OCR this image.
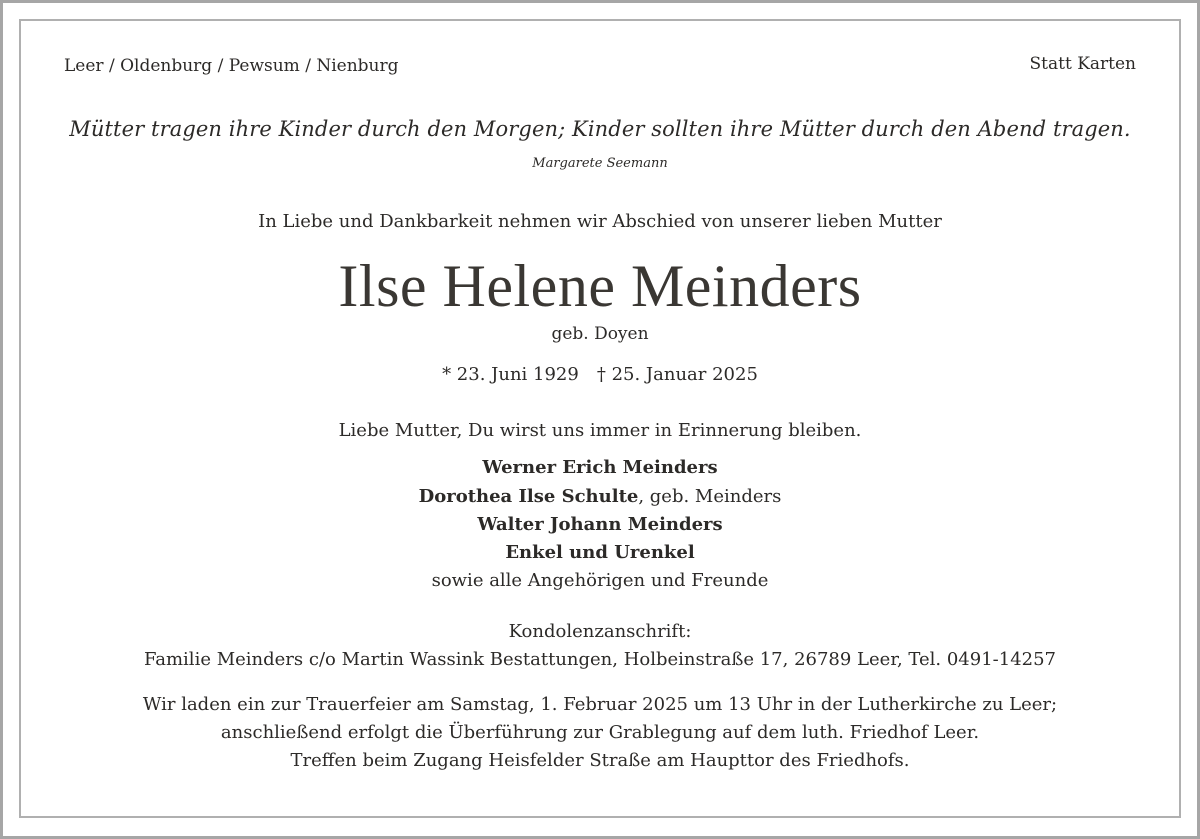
Leer / Oldenburg / Pewsum / Nienburg	Statt Karten
Mütter tragen ihre Kinder durch den Morgen; Kinder sollten ihre Mütter durch den Abend tragen.
Margarete Seemann
In Liebe und Dankbarkeit nehmen wir Abschied von unserer lieben Mutter
Ilse Helene Meinders
geb. Doyen
* 23. Juni 1929 † 25. Januar 2025
Liebe Mutter, Du wirst uns immer in Erinnerung bleiben.
Werner Erich Meinders
Dorothea Ilse Schulte, geb. Meinders
Walter Johann Meinders
Enkel und Urenkel
sowie alle Angehörigen und Freunde
Kondolenzanschrift:
Familie Meinders c/o Martin Wassink Bestattungen, Holbeinstraße 17, 26789 Leer, Tel. 0491-14257
Wir laden ein zur Trauerfeier am Samstag, 1. Februar 2025 um 13 Uhr in der Lutherkirche zu Leer;
anschließend erfolgt die Überführung zur Grablegung auf dem luth. Friedhof Leer.
Treffen beim Zugang Heisfelder Straße am Haupttor des Friedhofs.
